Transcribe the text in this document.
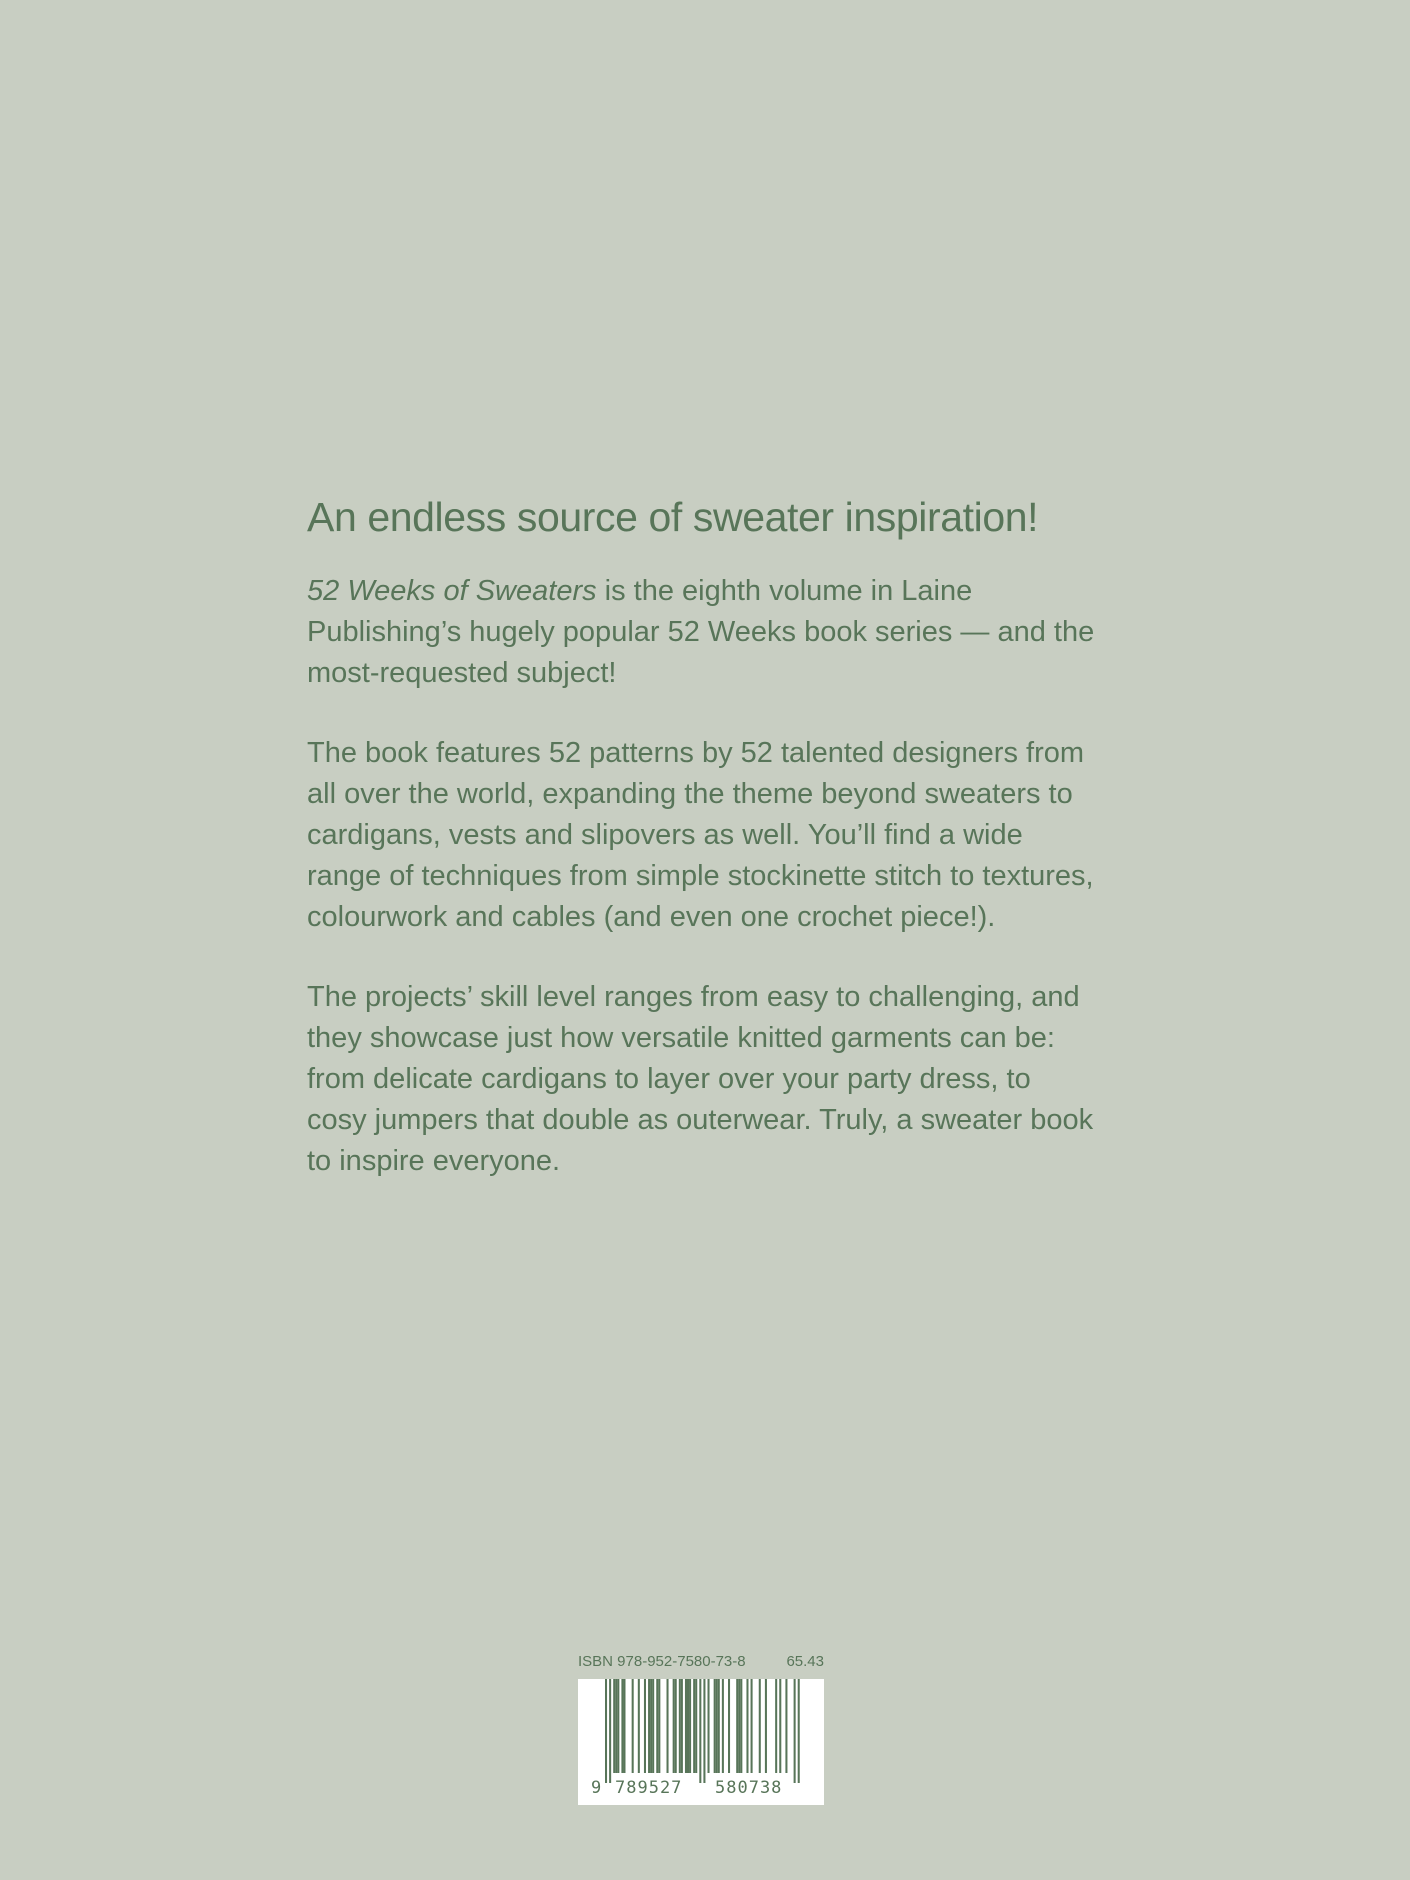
An endless source of sweater inspiration!

52 Weeks of Sweaters is the eighth volume in Laine Publishing’s hugely popular 52 Weeks book series — and the most-requested subject!

The book features 52 patterns by 52 talented designers from all over the world, expanding the theme beyond sweaters to cardigans, vests and slipovers as well. You’ll find a wide range of techniques from simple stockinette stitch to textures, colourwork and cables (and even one crochet piece!).

The projects’ skill level ranges from easy to challenging, and they showcase just how versatile knitted garments can be: from delicate cardigans to layer over your party dress, to cosy jumpers that double as outerwear. Truly, a sweater book to inspire everyone.

ISBN 978-952-7580-73-8	65.43
9 789527 580738
